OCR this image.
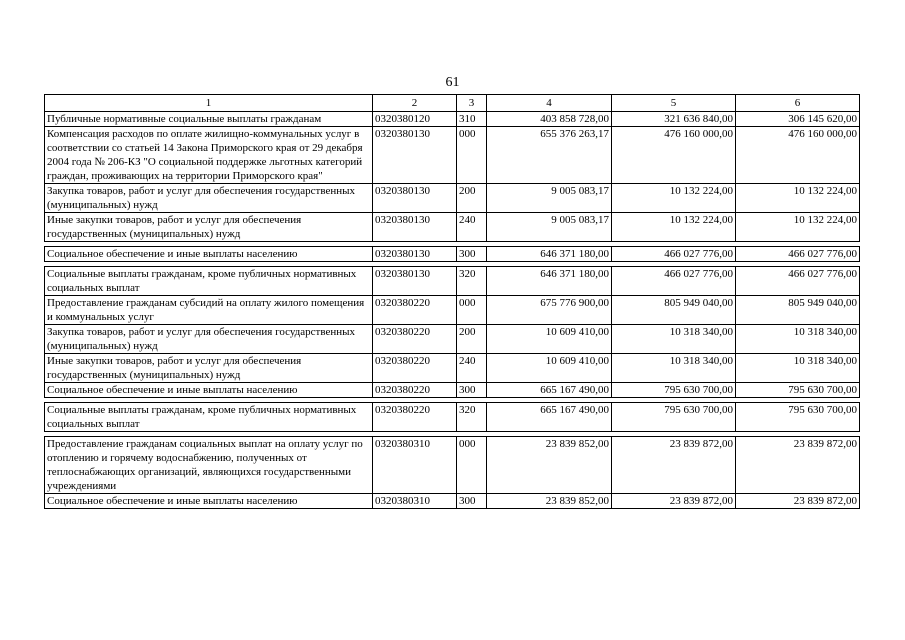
61
1	2	3	4	5	6
Публичные нормативные социальные выплаты гражданам	0320380120	310	403 858 728,00	321 636 840,00	306 145 620,00
Компенсация расходов по оплате жилищно-коммунальных услуг в соответствии со статьей 14 Закона Приморского края от 29 декабря 2004 года № 206-КЗ "О социальной поддержке льготных категорий граждан, проживающих на территории Приморского края"	0320380130	000	655 376 263,17	476 160 000,00	476 160 000,00
Закупка товаров, работ и услуг для обеспечения государственных (муниципальных) нужд	0320380130	200	9 005 083,17	10 132 224,00	10 132 224,00
Иные закупки товаров, работ и услуг для обеспечения государственных (муниципальных) нужд	0320380130	240	9 005 083,17	10 132 224,00	10 132 224,00

Социальное обеспечение и иные выплаты населению	0320380130	300	646 371 180,00	466 027 776,00	466 027 776,00

Социальные выплаты гражданам, кроме публичных нормативных социальных выплат	0320380130	320	646 371 180,00	466 027 776,00	466 027 776,00
Предоставление гражданам субсидий на оплату жилого помещения и коммунальных услуг	0320380220	000	675 776 900,00	805 949 040,00	805 949 040,00
Закупка товаров, работ и услуг для обеспечения государственных (муниципальных) нужд	0320380220	200	10 609 410,00	10 318 340,00	10 318 340,00
Иные закупки товаров, работ и услуг для обеспечения государственных (муниципальных) нужд	0320380220	240	10 609 410,00	10 318 340,00	10 318 340,00
Социальное обеспечение и иные выплаты населению	0320380220	300	665 167 490,00	795 630 700,00	795 630 700,00

Социальные выплаты гражданам, кроме публичных нормативных социальных выплат	0320380220	320	665 167 490,00	795 630 700,00	795 630 700,00

Предоставление гражданам социальных выплат на оплату услуг по отоплению и горячему водоснабжению, полученных от теплоснабжающих организаций, являющихся государственными учреждениями	0320380310	000	23 839 852,00	23 839 872,00	23 839 872,00
Социальное обеспечение и иные выплаты населению	0320380310	300	23 839 852,00	23 839 872,00	23 839 872,00
